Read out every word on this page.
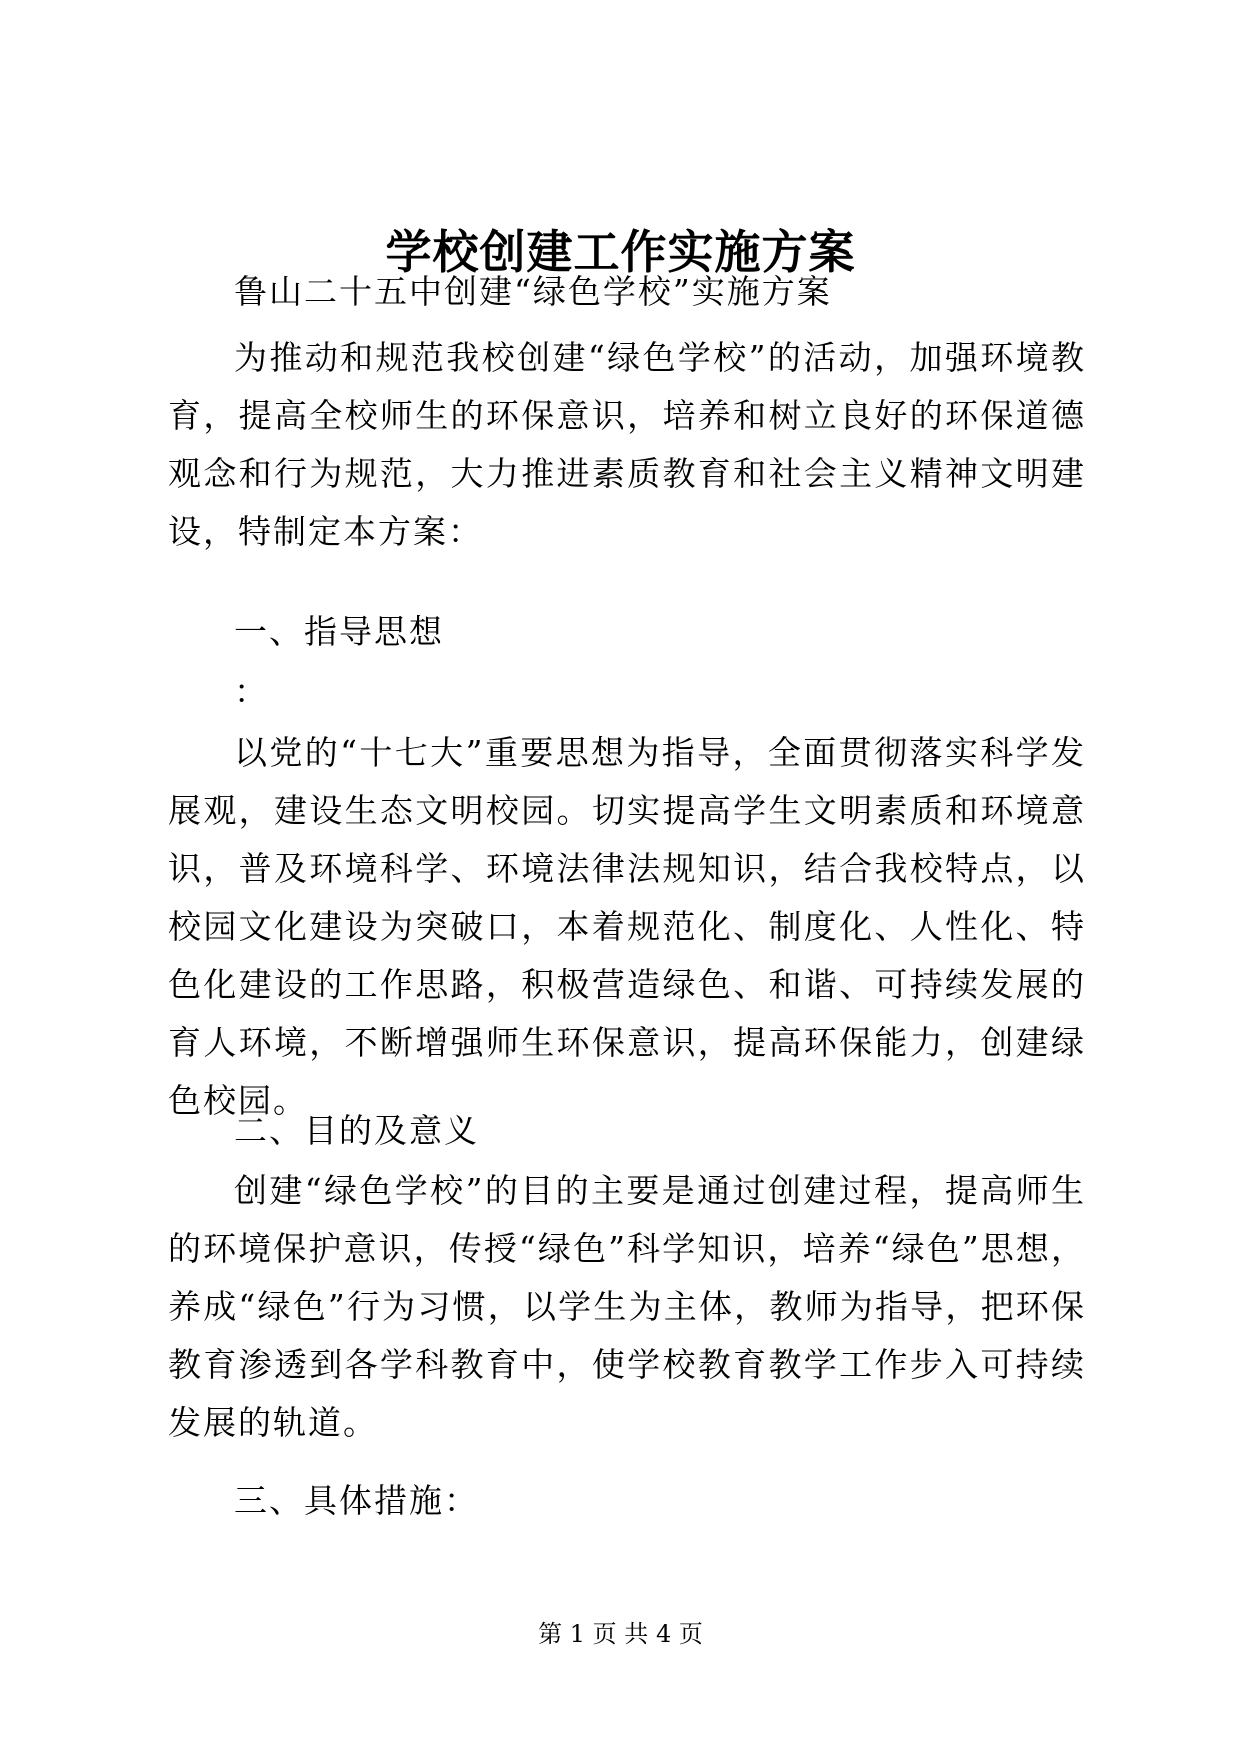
学校创建工作实施方案

鲁山二十五中创建“绿色学校”实施方案

为推动和规范我校创建“绿色学校”的活动，加强环境教育，提高全校师生的环保意识，培养和树立良好的环保道德观念和行为规范，大力推进素质教育和社会主义精神文明建设，特制定本方案：

一、指导思想

：

以党的“十七大”重要思想为指导，全面贯彻落实科学发展观，建设生态文明校园。切实提高学生文明素质和环境意识，普及环境科学、环境法律法规知识，结合我校特点，以校园文化建设为突破口，本着规范化、制度化、人性化、特色化建设的工作思路，积极营造绿色、和谐、可持续发展的育人环境，不断增强师生环保意识，提高环保能力，创建绿色校园。

二、目的及意义

创建“绿色学校”的目的主要是通过创建过程，提高师生的环境保护意识，传授“绿色”科学知识，培养“绿色”思想，养成“绿色”行为习惯，以学生为主体，教师为指导，把环保教育渗透到各学科教育中，使学校教育教学工作步入可持续发展的轨道。

三、具体措施：

第 1 页 共 4 页
